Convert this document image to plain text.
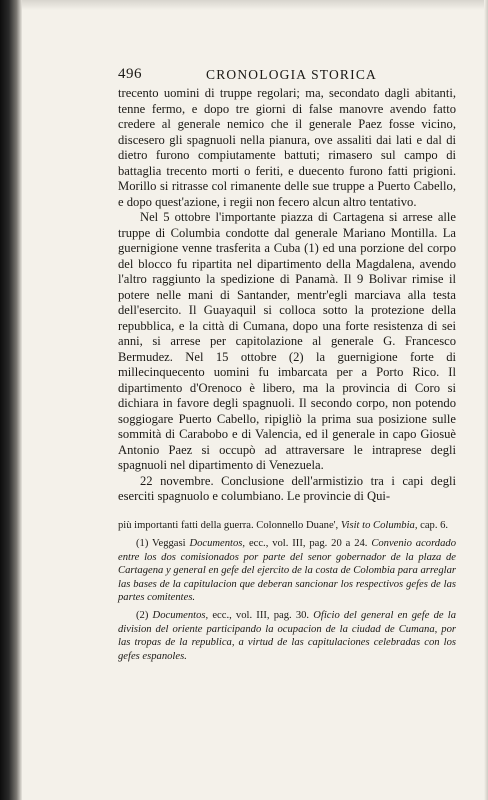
496	CRONOLOGIA STORICA

trecento uomini di truppe regolari; ma, secondato dagli abitanti, tenne fermo, e dopo tre giorni di false manovre avendo fatto credere al generale nemico che il generale Paez fosse vicino, discesero gli spagnuoli nella pianura, ove assaliti dai lati e dal di dietro furono compiutamente battuti; rimasero sul campo di battaglia trecento morti o feriti, e duecento furono fatti prigioni. Morillo si ritrasse col rimanente delle sue truppe a Puerto Cabello, e dopo quest'azione, i regii non fecero alcun altro tentativo.

Nel 5 ottobre l'importante piazza di Cartagena si arrese alle truppe di Columbia condotte dal generale Mariano Montilla. La guernigione venne trasferita a Cuba (1) ed una porzione del corpo del blocco fu ripartita nel dipartimento della Magdalena, avendo l'altro raggiunto la spedizione di Panamà. Il 9 Bolivar rimise il potere nelle mani di Santander, mentr'egli marciava alla testa dell'esercito. Il Guayaquil si colloca sotto la protezione della repubblica, e la città di Cumana, dopo una forte resistenza di sei anni, si arrese per capitolazione al generale G. Francesco Bermudez. Nel 15 ottobre (2) la guernigione forte di millecinquecento uomini fu imbarcata per a Porto Rico. Il dipartimento d'Orenoco è libero, ma la provincia di Coro si dichiara in favore degli spagnuoli. Il secondo corpo, non potendo soggiogare Puerto Cabello, ripigliò la prima sua posizione sulle sommità di Carabobo e di Valencia, ed il generale in capo Giosuè Antonio Paez si occupò ad attraversare le intraprese degli spagnuoli nel dipartimento di Venezuela.

22 novembre. Conclusione dell'armistizio tra i capi degli eserciti spagnuolo e columbiano. Le provincie di Qui-

più importanti fatti della guerra. Colonnello Duane', Visit to Columbia, cap. 6.

(1) Veggasi Documentos, ecc., vol. III, pag. 20 a 24. Convenio acordado entre los dos comisionados por parte del senor gobernador de la plaza de Cartagena y general en gefe del ejercito de la costa de Colombia para arreglar las bases de la capitulacion que deberan sancionar los respectivos gefes de las partes comitentes.

(2) Documentos, ecc., vol. III, pag. 30. Oficio del general en gefe de la division del oriente participando la ocupacion de la ciudad de Cumana, por las tropas de la republica, a virtud de las capitulaciones celebradas con los gefes espanoles.
